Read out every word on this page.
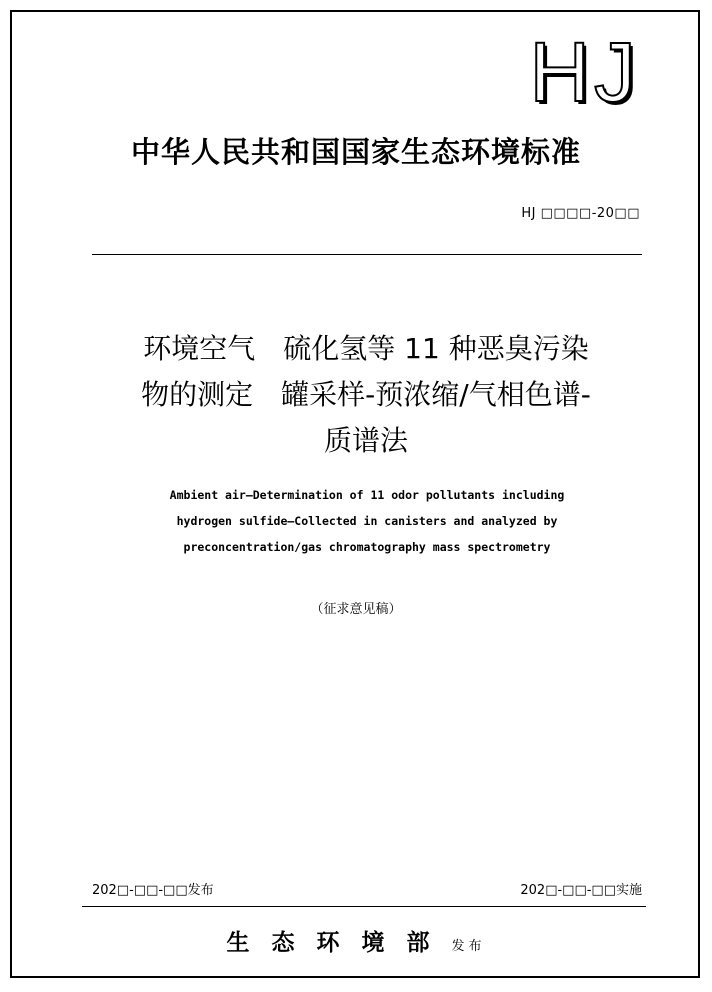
HJ
中华人民共和国国家生态环境标准
HJ □□□□-20□□
环境空气　硫化氢等 11 种恶臭污染
物的测定　罐采样-预浓缩/气相色谱-
质谱法
Ambient air—Determination of 11 odor pollutants including
hydrogen sulfide—Collected in canisters and analyzed by
preconcentration/gas chromatography mass spectrometry
（征求意见稿）
202□-□□-□□发布	202□-□□-□□实施
生态环境部发布
